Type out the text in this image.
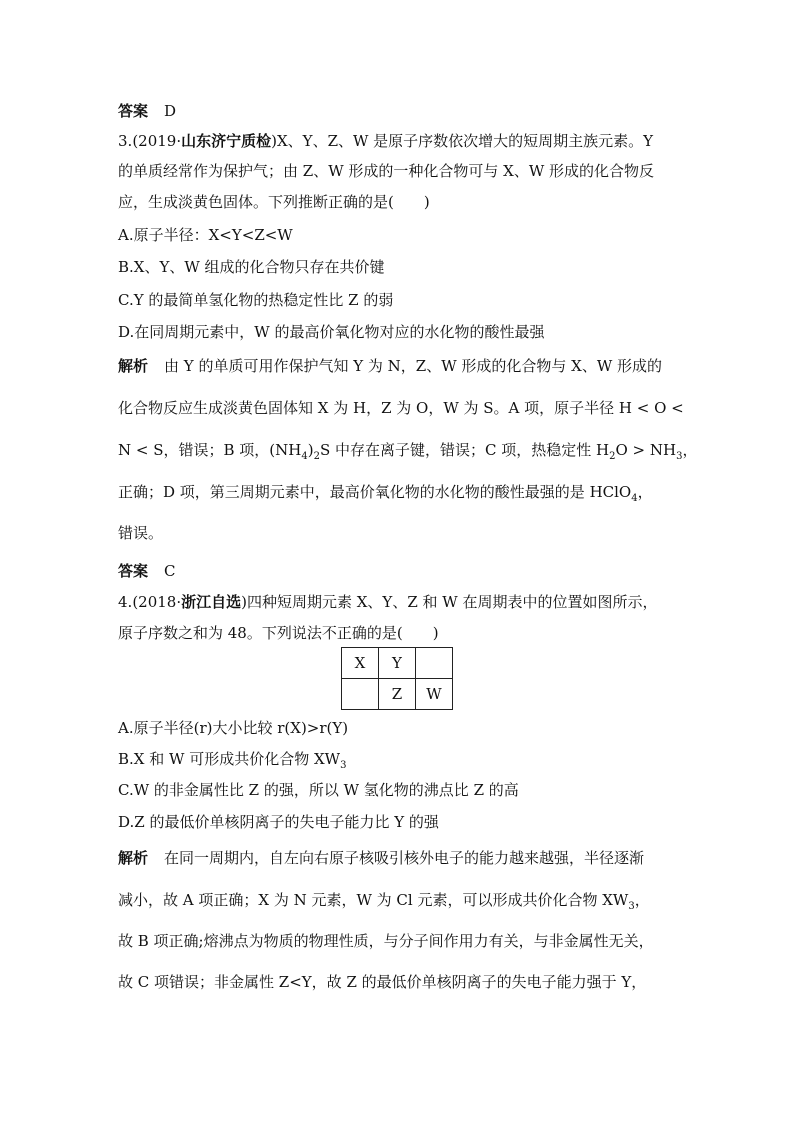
答案 D
3.(2019·山东济宁质检)X、Y、Z、W 是原子序数依次增大的短周期主族元素。Y
的单质经常作为保护气；由 Z、W 形成的一种化合物可与 X、W 形成的化合物反
应，生成淡黄色固体。下列推断正确的是(　　)
A.原子半径：X<Y<Z<W
B.X、Y、W 组成的化合物只存在共价键
C.Y 的最简单氢化物的热稳定性比 Z 的弱
D.在同周期元素中，W 的最高价氧化物对应的水化物的酸性最强
解析 由 Y 的单质可用作保护气知 Y 为 N，Z、W 形成的化合物与 X、W 形成的
化合物反应生成淡黄色固体知 X 为 H，Z 为 O，W 为 S。A 项，原子半径 H < O <
N < S，错误；B 项，$(NH_4)_2S$ 中存在离子键，错误；C 项，热稳定性 $H_2O > NH_3$，
正确；D 项，第三周期元素中，最高价氧化物的水化物的酸性最强的是 HClO$_4$，
错误。
答案 C
4.(2018·浙江自选)四种短周期元素 X、Y、Z 和 W 在周期表中的位置如图所示，
原子序数之和为 48。下列说法不正确的是(　　)
X	Y	
	Z	W
A.原子半径(r)大小比较 r(X)>r(Y)
B.X 和 W 可形成共价化合物 $XW_3$
C.W 的非金属性比 Z 的强，所以 W 氢化物的沸点比 Z 的高
D.Z 的最低价单核阴离子的失电子能力比 Y 的强
解析 在同一周期内，自左向右原子核吸引核外电子的能力越来越强，半径逐渐
减小，故 A 项正确；X 为 N 元素，W 为 Cl 元素，可以形成共价化合物 $XW_3$，
故 B 项正确;熔沸点为物质的物理性质，与分子间作用力有关，与非金属性无关，
故 C 项错误；非金属性 Z<Y，故 Z 的最低价单核阴离子的失电子能力强于 Y，
